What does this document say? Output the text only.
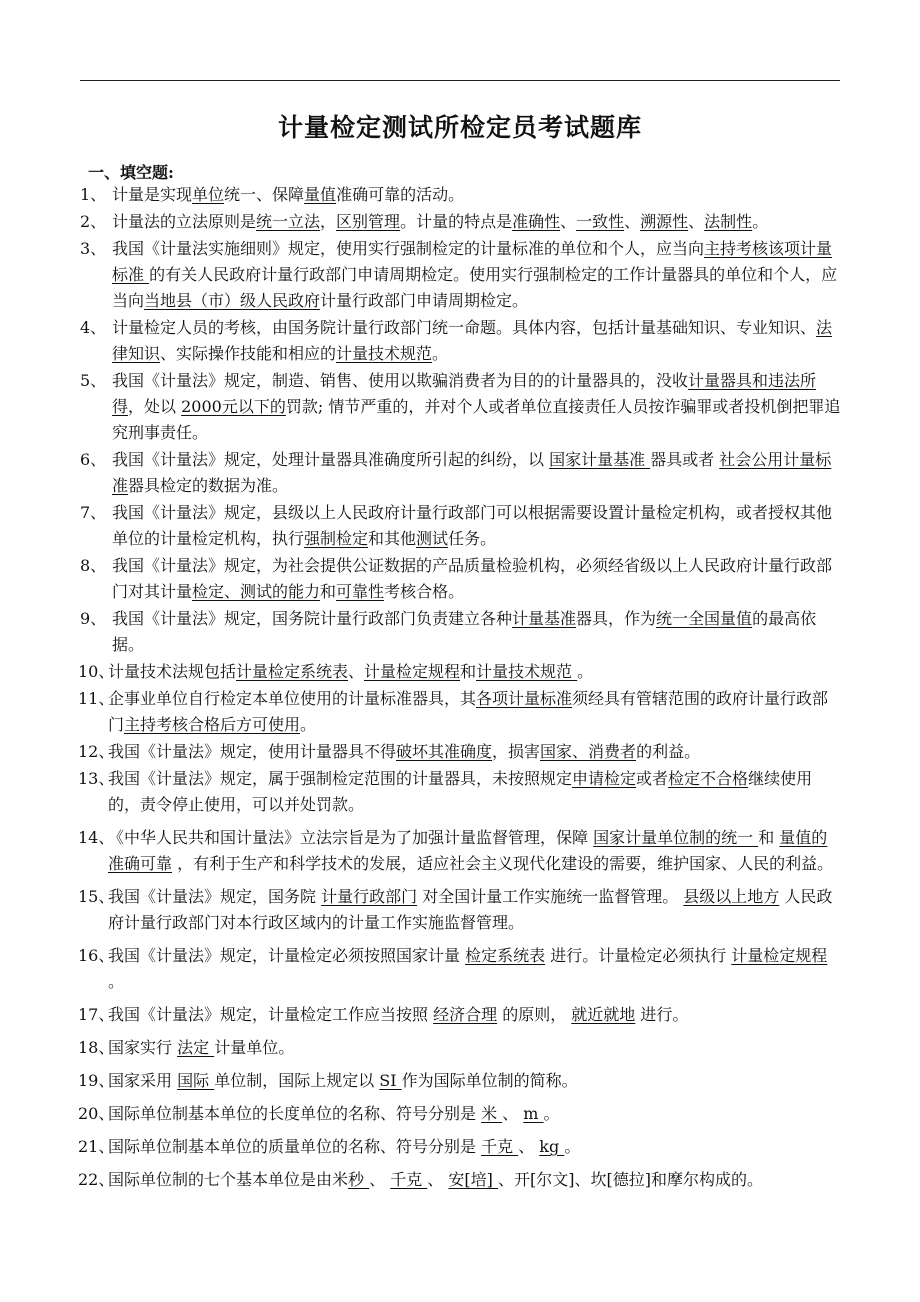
计量检定测试所检定员考试题库
一、填空题:
1、 计量是实现单位统一、保障量值准确可靠的活动。
2、 计量法的立法原则是统一立法，区别管理。计量的特点是准确性、一致性、溯源性、法制性。
3、 我国《计量法实施细则》规定，使用实行强制检定的计量标准的单位和个人，应当向主持考核该项计量标准 的有关人民政府计量行政部门申请周期检定。使用实行强制检定的工作计量器具的单位和个人，应当向当地县（市）级人民政府计量行政部门申请周期检定。
4、 计量检定人员的考核，由国务院计量行政部门统一命题。具体内容，包括计量基础知识、专业知识、法律知识、实际操作技能和相应的计量技术规范。
5、 我国《计量法》规定，制造、销售、使用以欺骗消费者为目的的计量器具的，没收计量器具和违法所得，处以 2000元以下的罚款; 情节严重的，并对个人或者单位直接责任人员按诈骗罪或者投机倒把罪追究刑事责任。
6、 我国《计量法》规定，处理计量器具准确度所引起的纠纷，以 国家计量基准 器具或者 社会公用计量标准器具检定的数据为准。
7、 我国《计量法》规定，县级以上人民政府计量行政部门可以根据需要设置计量检定机构，或者授权其他单位的计量检定机构，执行强制检定和其他测试任务。
8、 我国《计量法》规定，为社会提供公证数据的产品质量检验机构，必须经省级以上人民政府计量行政部门对其计量检定、测试的能力和可靠性考核合格。
9、 我国《计量法》规定，国务院计量行政部门负责建立各种计量基准器具，作为统一全国量值的最高依据。
10、
计量技术法规包括计量检定系统表、计量检定规程和计量技术规范 。
11、
企事业单位自行检定本单位使用的计量标准器具，其各项计量标准须经具有管辖范围的政府计量行政部门主持考核合格后方可使用。
12、
我国《计量法》规定，使用计量器具不得破坏其准确度，损害国家、消费者的利益。
13、
我国《计量法》规定，属于强制检定范围的计量器具，未按照规定申请检定或者检定不合格继续使用的，责令停止使用，可以并处罚款。
14、
《中华人民共和国计量法》立法宗旨是为了加强计量监督管理，保障 国家计量单位制的统一 和 量值的准确可靠 ，有利于生产和科学技术的发展，适应社会主义现代化建设的需要，维护国家、人民的利益。
15、
我国《计量法》规定，国务院 计量行政部门 对全国计量工作实施统一监督管理。 县级以上地方 人民政府计量行政部门对本行政区域内的计量工作实施监督管理。
16、
我国《计量法》规定，计量检定必须按照国家计量 检定系统表 进行。计量检定必须执行 计量检定规程 。
17、
我国《计量法》规定，计量检定工作应当按照 经济合理 的原则， 就近就地 进行。
18、
国家实行 法定 计量单位。
19、
国家采用 国际 单位制，国际上规定以 SI 作为国际单位制的简称。
20、
国际单位制基本单位的长度单位的名称、符号分别是 米 、 m 。
21、
国际单位制基本单位的质量单位的名称、符号分别是 千克 、 kg 。
22、
国际单位制的七个基本单位是由米秒 、 千克 、 安[培] 、开[尔文]、坎[德拉]和摩尔构成的。
